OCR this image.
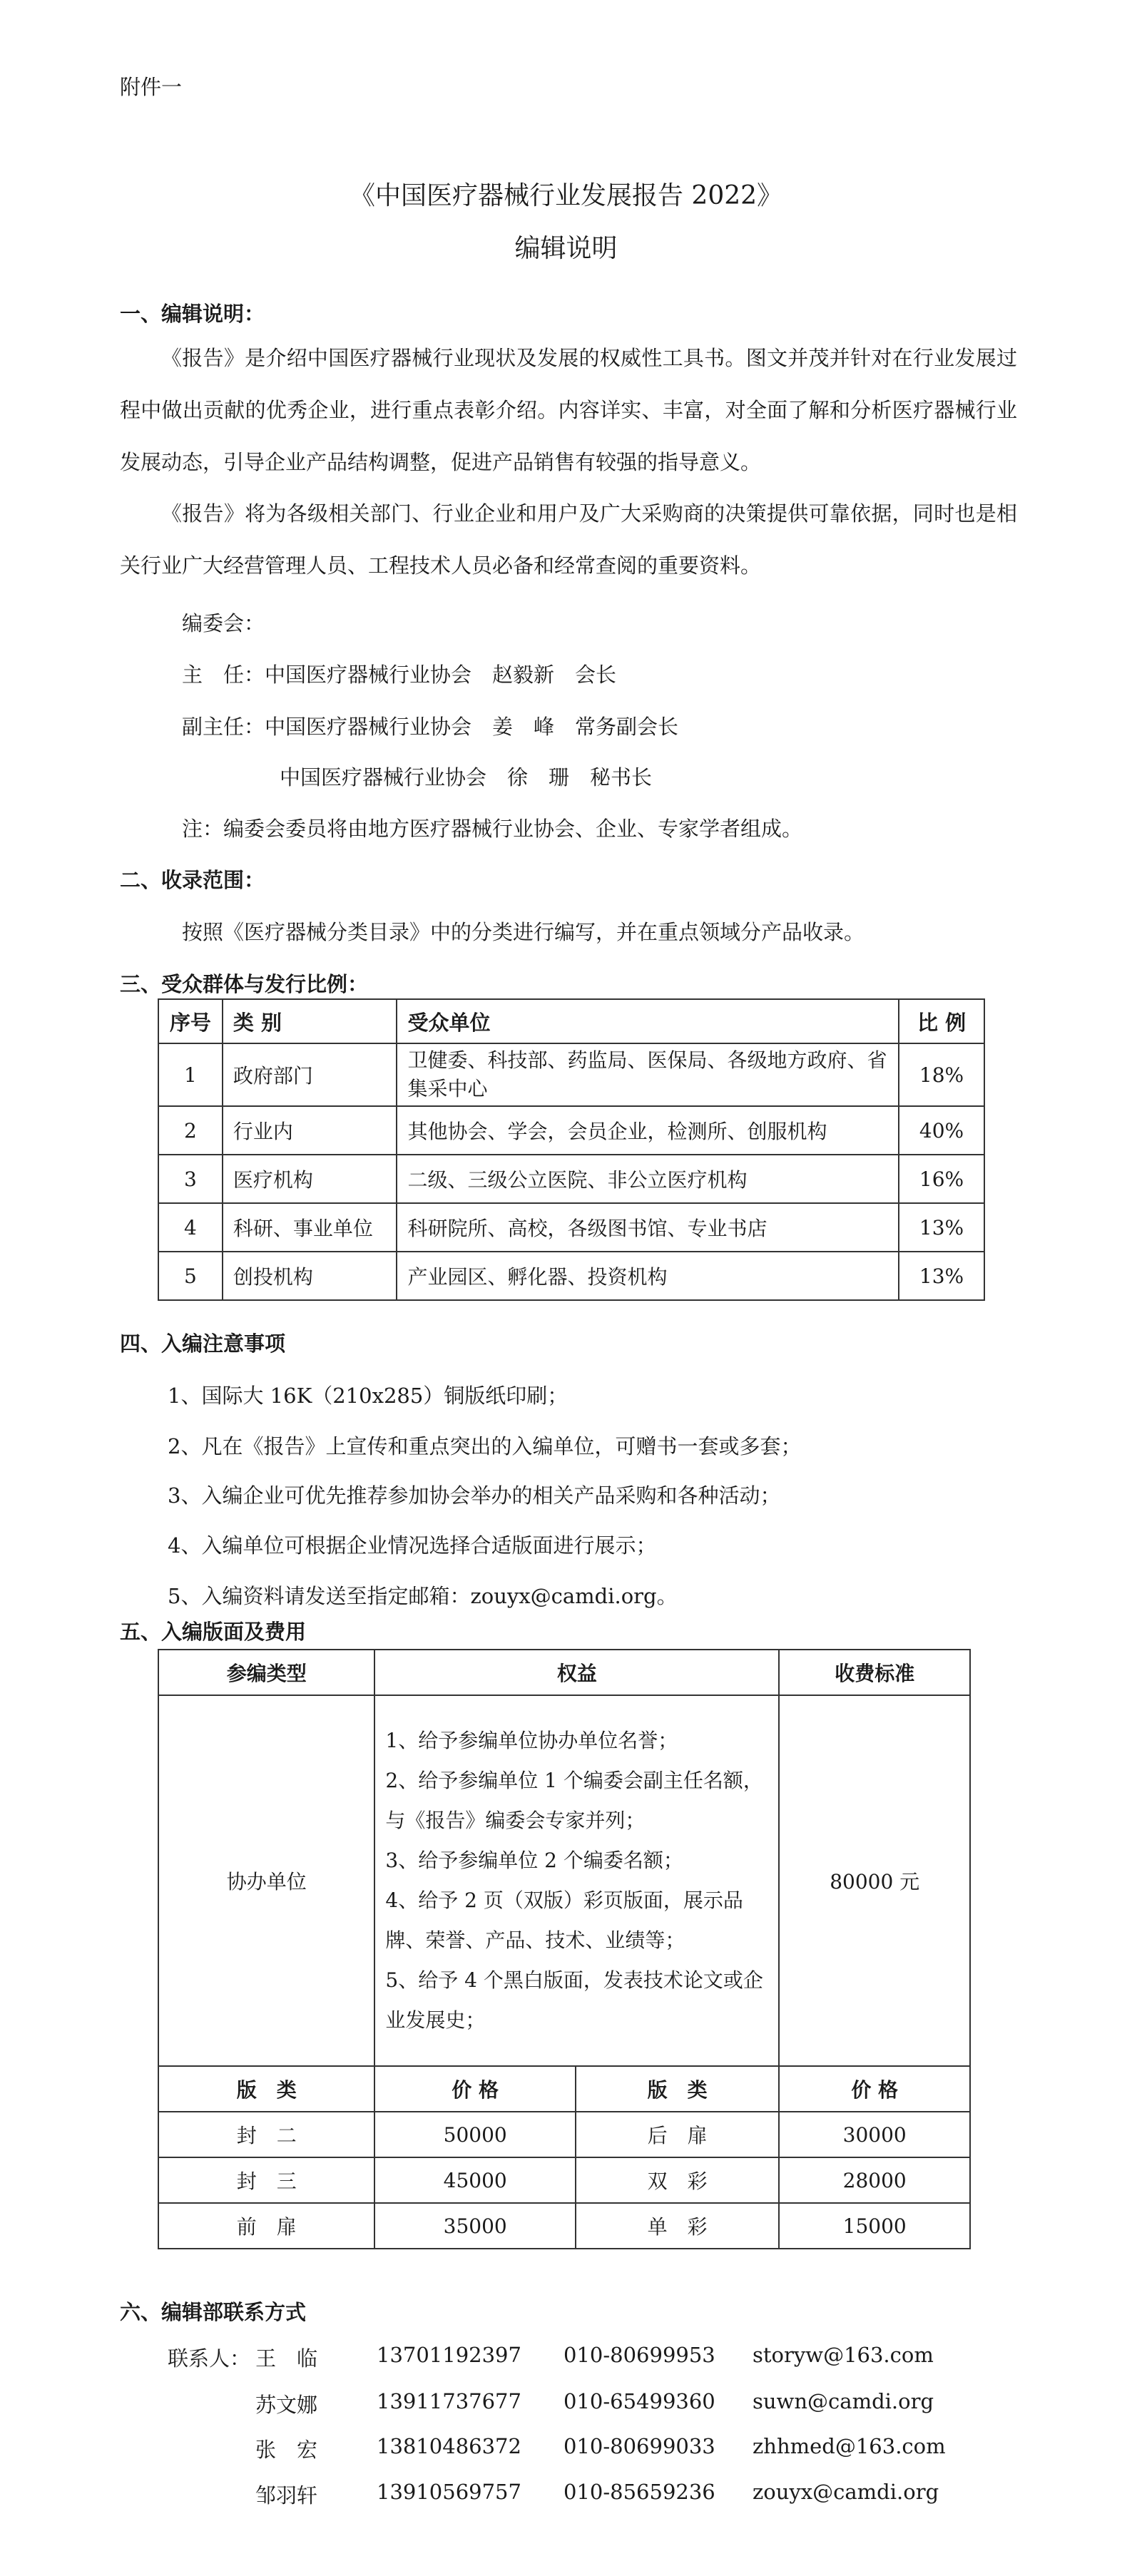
附件一
《中国医疗器械行业发展报告 2022》
编辑说明
一、编辑说明：
《报告》是介绍中国医疗器械行业现状及发展的权威性工具书。图文并茂并针对在行业发展过程中做出贡献的优秀企业，进行重点表彰介绍。内容详实、丰富，对全面了解和分析医疗器械行业发展动态，引导企业产品结构调整，促进产品销售有较强的指导意义。
《报告》将为各级相关部门、行业企业和用户及广大采购商的决策提供可靠依据，同时也是相关行业广大经营管理人员、工程技术人员必备和经常查阅的重要资料。
编委会：
主　任：中国医疗器械行业协会　赵毅新　会长
副主任：中国医疗器械行业协会　姜　峰　常务副会长
中国医疗器械行业协会　徐　珊　秘书长
注：编委会委员将由地方医疗器械行业协会、企业、专家学者组成。
二、收录范围：
按照《医疗器械分类目录》中的分类进行编写，并在重点领域分产品收录。
三、受众群体与发行比例：
序号	类 别	受众单位	比 例
1	政府部门	卫健委、科技部、药监局、医保局、各级地方政府、省集采中心	18%
2	行业内	其他协会、学会，会员企业，检测所、创服机构	40%
3	医疗机构	二级、三级公立医院、非公立医疗机构	16%
4	科研、事业单位	科研院所、高校，各级图书馆、专业书店	13%
5	创投机构	产业园区、孵化器、投资机构	13%
四、入编注意事项
1、国际大 16K（210x285）铜版纸印刷；
2、凡在《报告》上宣传和重点突出的入编单位，可赠书一套或多套；
3、入编企业可优先推荐参加协会举办的相关产品采购和各种活动；
4、入编单位可根据企业情况选择合适版面进行展示；
5、入编资料请发送至指定邮箱：zouyx@camdi.org。
五、入编版面及费用
参编类型	权益		收费标准
协办单位	1、给予参编单位协办单位名誉；
2、给予参编单位 1 个编委会副主任名额，与《报告》编委会专家并列；
3、给予参编单位 2 个编委名额；
4、给予 2 页（双版）彩页版面，展示品牌、荣誉、产品、技术、业绩等；
5、给予 4 个黑白版面，发表技术论文或企业发展史；		80000 元
版　类	价 格	版　类	价 格
封　二	50000	后　扉	30000
封　三	45000	双　彩	28000
前　扉	35000	单　彩	15000
六、编辑部联系方式
联系人： 王　临	13701192397 010-80699953 storyw@163.com
苏文娜	13911737677 010-65499360 suwn@camdi.org
张　宏	13810486372 010-80699033 zhhmed@163.com
邹羽轩	13910569757 010-85659236 zouyx@camdi.org
